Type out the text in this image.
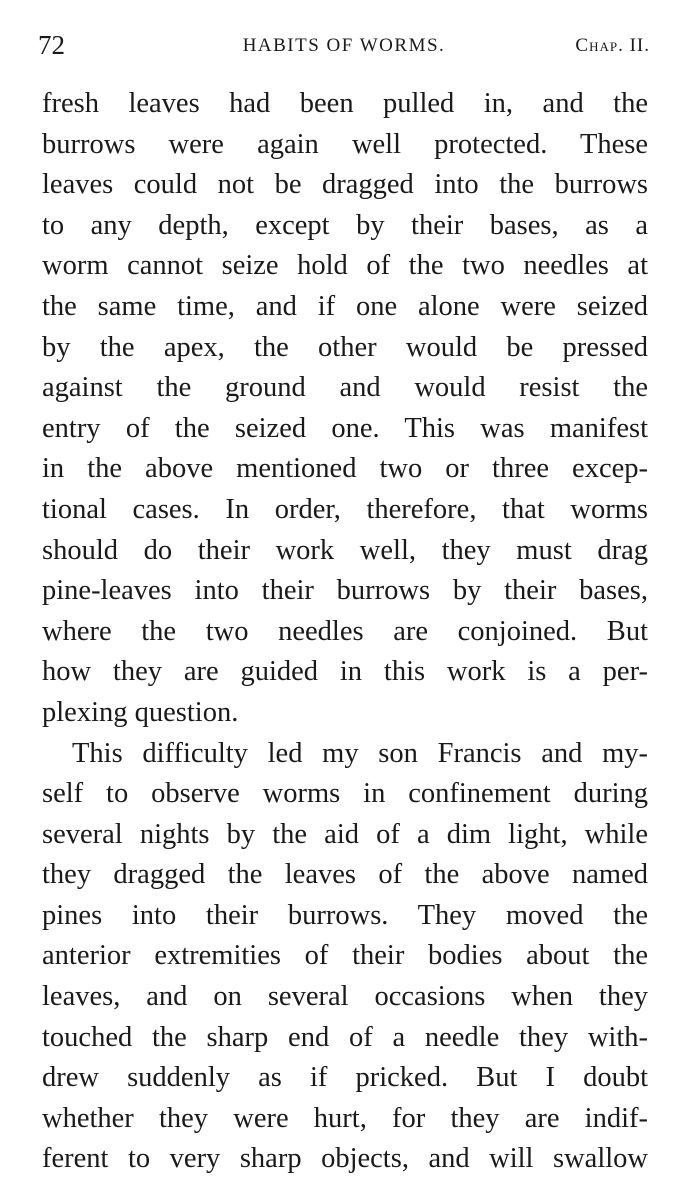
72	HABITS OF WORMS.	Chap. II.
fresh leaves had been pulled in, and the
burrows were again well protected. These
leaves could not be dragged into the burrows
to any depth, except by their bases, as a
worm cannot seize hold of the two needles at
the same time, and if one alone were seized
by the apex, the other would be pressed
against the ground and would resist the
entry of the seized one. This was manifest
in the above mentioned two or three excep-
tional cases. In order, therefore, that worms
should do their work well, they must drag
pine-leaves into their burrows by their bases,
where the two needles are conjoined. But
how they are guided in this work is a per-
plexing question.
This difficulty led my son Francis and my-
self to observe worms in confinement during
several nights by the aid of a dim light, while
they dragged the leaves of the above named
pines into their burrows. They moved the
anterior extremities of their bodies about the
leaves, and on several occasions when they
touched the sharp end of a needle they with-
drew suddenly as if pricked. But I doubt
whether they were hurt, for they are indif-
ferent to very sharp objects, and will swallow
